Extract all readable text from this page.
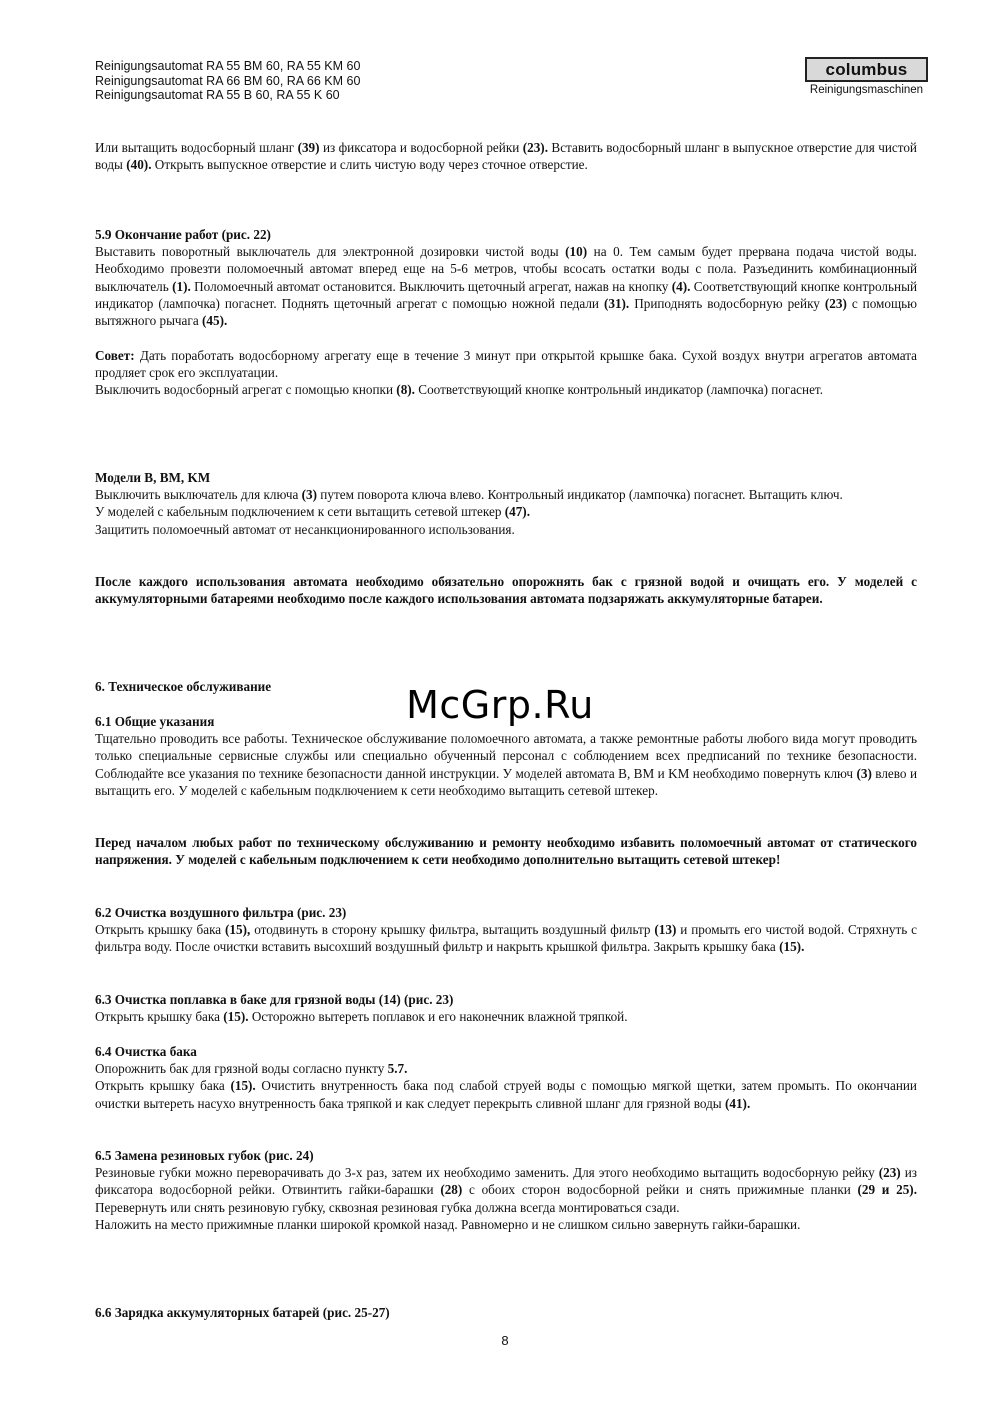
Reinigungsautomat RA 55 BM 60, RA 55 KM 60
Reinigungsautomat RA 66 BM 60, RA 66 KM 60
Reinigungsautomat RA 55 B 60, RA 55 K 60
columbus
Reinigungsmaschinen

Или вытащить водосборный шланг (39) из фиксатора и водосборной рейки (23). Вставить водосборный шланг в выпускное отверстие для чистой воды (40). Открыть выпускное отверстие и слить чистую воду через сточное отверстие.

5.9 Окончание работ (рис. 22)
Выставить поворотный выключатель для электронной дозировки чистой воды (10) на 0. Тем самым будет прервана подача чистой воды. Необходимо провезти поломоечный автомат вперед еще на 5-6 метров, чтобы всосать остатки воды с пола. Разъединить комбинационный выключатель (1). Поломоечный автомат остановится. Выключить щеточный агрегат, нажав на кнопку (4). Соответствующий кнопке контрольный индикатор (лампочка) погаснет. Поднять щеточный агрегат с помощью ножной педали (31). Приподнять водосборную рейку (23) с помощью вытяжного рычага (45).
Совет: Дать поработать водосборному агрегату еще в течение 3 минут при открытой крышке бака. Сухой воздух внутри агрегатов автомата продляет срок его эксплуатации.
Выключить водосборный агрегат с помощью кнопки (8). Соответствующий кнопке контрольный индикатор (лампочка) погаснет.
Модели B, BM, KM
Выключить выключатель для ключа (3) путем поворота ключа влево. Контрольный индикатор (лампочка) погаснет. Вытащить ключ.
У моделей с кабельным подключением к сети вытащить сетевой штекер (47).
Защитить поломоечный автомат от несанкционированного использования.

После каждого использования автомата необходимо обязательно опорожнять бак с грязной водой и очищать его. У моделей с аккумуляторными батареями необходимо после каждого использования автомата подзаряжать аккумуляторные батареи.

6. Техническое обслуживание	McGrp.Ru
6.1 Общие указания
Тщательно проводить все работы. Техническое обслуживание поломоечного автомата, а также ремонтные работы любого вида могут проводить только специальные сервисные службы или специально обученный персонал с соблюдением всех предписаний по технике безопасности. Соблюдайте все указания по технике безопасности данной инструкции. У моделей автомата B, BM и KM необходимо повернуть ключ (3) влево и вытащить его. У моделей с кабельным подключением к сети необходимо вытащить сетевой штекер.

Перед началом любых работ по техническому обслуживанию и ремонту необходимо избавить поломоечный автомат от статического напряжения. У моделей с кабельным подключением к сети необходимо дополнительно вытащить сетевой штекер!

6.2 Очистка воздушного фильтра (рис. 23)
Открыть крышку бака (15), отодвинуть в сторону крышку фильтра, вытащить воздушный фильтр (13) и промыть его чистой водой. Стряхнуть с фильтра воду. После очистки вставить высохший воздушный фильтр и накрыть крышкой фильтра. Закрыть крышку бака (15).
6.3 Очистка поплавка в баке для грязной воды (14) (рис. 23)
Открыть крышку бака (15). Осторожно вытереть поплавок и его наконечник влажной тряпкой.
6.4 Очистка бака
Опорожнить бак для грязной воды согласно пункту 5.7.
Открыть крышку бака (15). Очистить внутренность бака под слабой струей воды с помощью мягкой щетки, затем промыть. По окончании очистки вытереть насухо внутренность бака тряпкой и как следует перекрыть сливной шланг для грязной воды (41).
6.5 Замена резиновых губок (рис. 24)
Резиновые губки можно переворачивать до 3-х раз, затем их необходимо заменить. Для этого необходимо вытащить водосборную рейку (23) из фиксатора водосборной рейки. Отвинтить гайки-барашки (28) с обоих сторон водосборной рейки и снять прижимные планки (29 и 25). Перевернуть или снять резиновую губку, сквозная резиновая губка должна всегда монтироваться сзади.
Наложить на место прижимные планки широкой кромкой назад. Равномерно и не слишком сильно завернуть гайки-барашки.
6.6 Зарядка аккумуляторных батарей (рис. 25-27)
8
